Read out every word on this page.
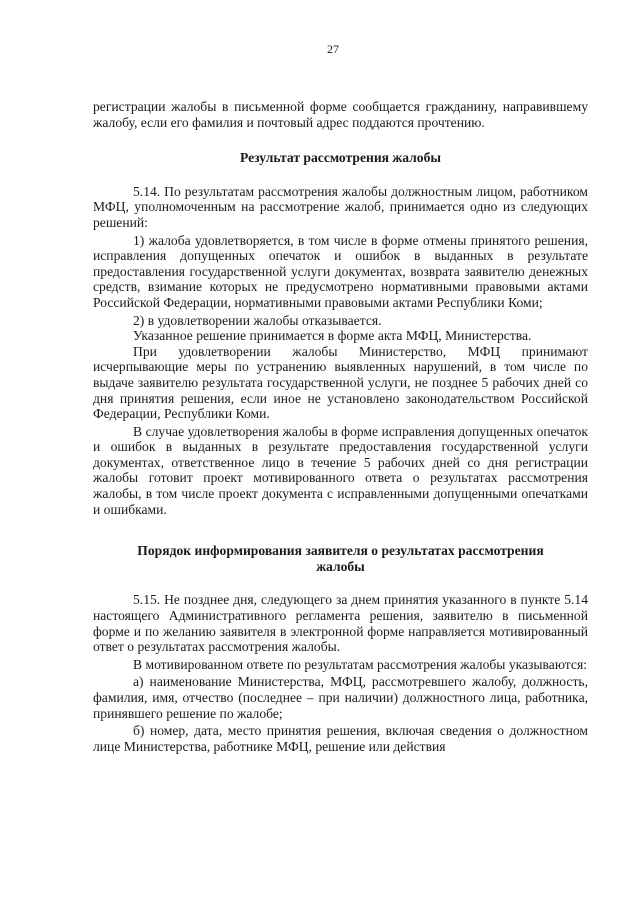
27

регистрации жалобы в письменной форме сообщается гражданину, направившему жалобу, если его фамилия и почтовый адрес поддаются прочтению.

Результат рассмотрения жалобы

5.14. По результатам рассмотрения жалобы должностным лицом, работником МФЦ, уполномоченным на рассмотрение жалоб, принимается одно из следующих решений:

1) жалоба удовлетворяется, в том числе в форме отмены принятого решения, исправления допущенных опечаток и ошибок в выданных в результате предоставления государственной услуги документах, возврата заявителю денежных средств, взимание которых не предусмотрено нормативными правовыми актами Российской Федерации, нормативными правовыми актами Республики Коми;

2) в удовлетворении жалобы отказывается.

Указанное решение принимается в форме акта МФЦ, Министерства.

При удовлетворении жалобы Министерство, МФЦ принимают исчерпывающие меры по устранению выявленных нарушений, в том числе по выдаче заявителю результата государственной услуги, не позднее 5 рабочих дней со дня принятия решения, если иное не установлено законодательством Российской Федерации, Республики Коми.

В случае удовлетворения жалобы в форме исправления допущенных опечаток и ошибок в выданных в результате предоставления государственной услуги документах, ответственное лицо в течение 5 рабочих дней со дня регистрации жалобы готовит проект мотивированного ответа о результатах рассмотрения жалобы, в том числе проект документа с исправленными допущенными опечатками и ошибками.

Порядок информирования заявителя о результатах рассмотрения
жалобы

5.15. Не позднее дня, следующего за днем принятия указанного в пункте 5.14 настоящего Административного регламента решения, заявителю в письменной форме и по желанию заявителя в электронной форме направляется мотивированный ответ о результатах рассмотрения жалобы.

В мотивированном ответе по результатам рассмотрения жалобы указываются:

а) наименование Министерства, МФЦ, рассмотревшего жалобу, должность, фамилия, имя, отчество (последнее – при наличии) должностного лица, работника, принявшего решение по жалобе;

б) номер, дата, место принятия решения, включая сведения о должностном лице Министерства, работнике МФЦ, решение или действия
